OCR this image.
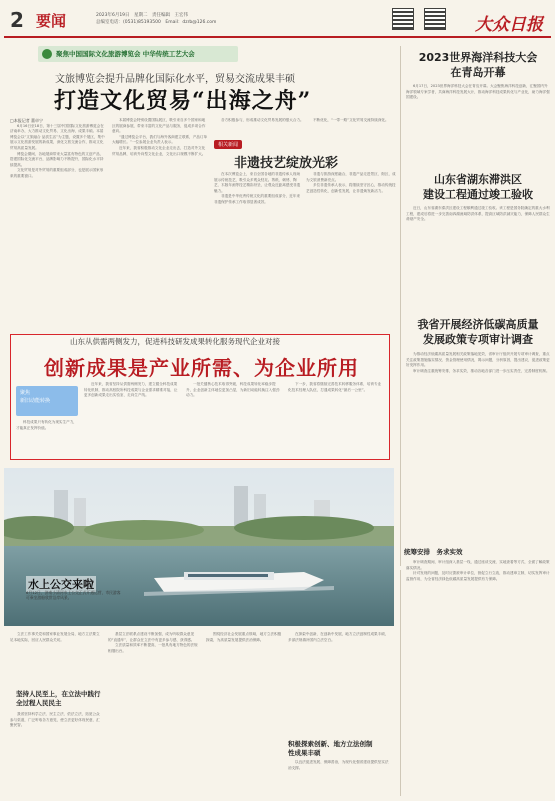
2 要闻	2023年6月19日　星期二　责任编辑　王宏伟
总编室电话：(0531)85193500　Email：dzrb@126.com	大众日报
聚焦中国国际文化旅游博览会 中华传统工艺大会
文旅博览会提升品牌化国际化水平，贸易交流成果丰硕
打造文化贸易“出海之舟”
□本报记者 董卓宁

6月16日至18日，第十三届中国国际文化旅游博览会在济南举办，大力推动文化贸易、文化出海，成果丰硕。本届博览会以“文旅融合 品质生活”为主题，设置多个展区，集中展示文化旅游发展的新成果，深化文旅交流合作，推动文化贸易高质量发展。

博览会期间，各地展商带来大量富有特色的文创产品，搭建国际化交流平台，品牌影响力不断提升，国际化水平持续提高。

文化贸易是对外贸易的重要组成部分，也是展示国家形象的重要窗口。

本届博览会特别设置国际展区，吸引来自多个国家和地区的展商参展，带来丰富的文化产品与服务，促成多项合作意向。

“通过博览会平台，我们与海外客商建立联系，产品订单大幅增长。”一位参展企业负责人表示。

近年来，我省积极推动文化企业走出去，打造对外文化贸易品牌，培育外向型文化企业，文化出口规模不断扩大。

各方积极参与，形成推动文化贸易发展的强大合力。	不断优化，“一带一路”文化贸易交流持续深化。

相关新闻
非遗技艺绽放光彩

在本次博览会上，来自全国各地的非遗传承人现场展示传统技艺，吸引众多观众驻足。剪纸、刺绣、陶艺、木版年画等技艺精彩纷呈，让观众近距离感受非遗魅力。

非遗是中华优秀传统文化的重要组成部分，近年来非遗保护传承工作取得显著成效。

非遗与旅游深度融合，非遗产品走进景区、街区，成为文旅消费新亮点。

多位非遗传承人表示，将继续坚守匠心，推动传统技艺创造性转化、创新性发展，让非遗焕发新活力。

2023世界海洋科技大会
在青岛开幕

6月17日，2023世界海洋科技大会在青岛开幕。大会聚焦海洋科技创新，汇聚国内外海洋领域专家学者，共商海洋科技发展大计，推动海洋科技成果转化与产业化，助力海洋强国建设。

山东省湖东滞洪区
建设工程通过竣工验收

近日，山东省湖东滞洪区建设工程顺利通过竣工验收。该工程是国务院确定的重大水利工程，建成后将进一步完善南四湖流域防洪体系，提高区域防洪减灾能力，保障人民群众生命财产安全。

我省开展经济低碳高质量
发展政策专项审计调查

为推动经济低碳高质量发展相关政策落地见效，省审计厅组织开展专项审计调查，重点关注政策措施落实情况、资金管理使用情况，揭示问题，分析原因，提出建议，促进政策更好发挥作用。

审计调查注重统筹安排，务求实效，推动各地各部门进一步压实责任，完善制度机制。

山东从供需两侧发力，促进科技研发成果转化服务现代企业对接
创新成果是产业所需、为企业所用
聚焦
新旧动能转换

科技成果只有转化为现实生产力，才能真正发挥价值。

近年来，我省坚持从供需两侧发力，建立健全科技成果转化机制，推动高校院所科技成果与企业需求精准对接，让更多创新成果走出实验室、走向生产线。

一批关键核心技术取得突破，科技成果转化率稳步提升，企业创新主体地位更加凸显，为新旧动能转换注入强劲动力。

下一步，我省将继续完善技术转移服务体系，培育专业化技术经理人队伍，打通成果转化“最后一公里”。

水上公交来啦
6月12日，济南小清河水上公交正式开通运营，市民游客可乘坐游船欣赏沿岸风景。
统筹安排　务求实效

审计调查期间，审计组深入基层一线，通过座谈交流、实地查看等方式，全面了解政策落实情况。

针对发现的问题，及时反馈被审计单位，督促立行立改，推动建章立制，切实发挥审计监督作用，为全省经济绿色低碳高质量发展提供有力保障。

立法工作事关党和国家事业发展全局，地方立法要立足本地实际，回应人民群众关切。

坚持人民至上，在立法中践行全过程人民民主

我省坚持科学立法、民主立法、依法立法，拓宽公众参与渠道，广泛听取各方意见，使立法更好体现民意、汇聚民智。

基层立法联系点建设不断加强，成为听取群众意见的“直通车”，让群众在立法中有更多参与感、获得感。

立法质量和效率不断提高，一批具有地方特色的法规相继出台。

围绕经济社会发展重点领域，地方立法积极探索，为高质量发展提供法治保障。

在探索中创新，在创新中发展，地方立法创制性成果丰硕，多部法规填补国内立法空白。

积极探索创新、地方立法创制性成果丰硕

以良法促进发展、保障善治，为现代化强省建设提供坚实法治支撑。
